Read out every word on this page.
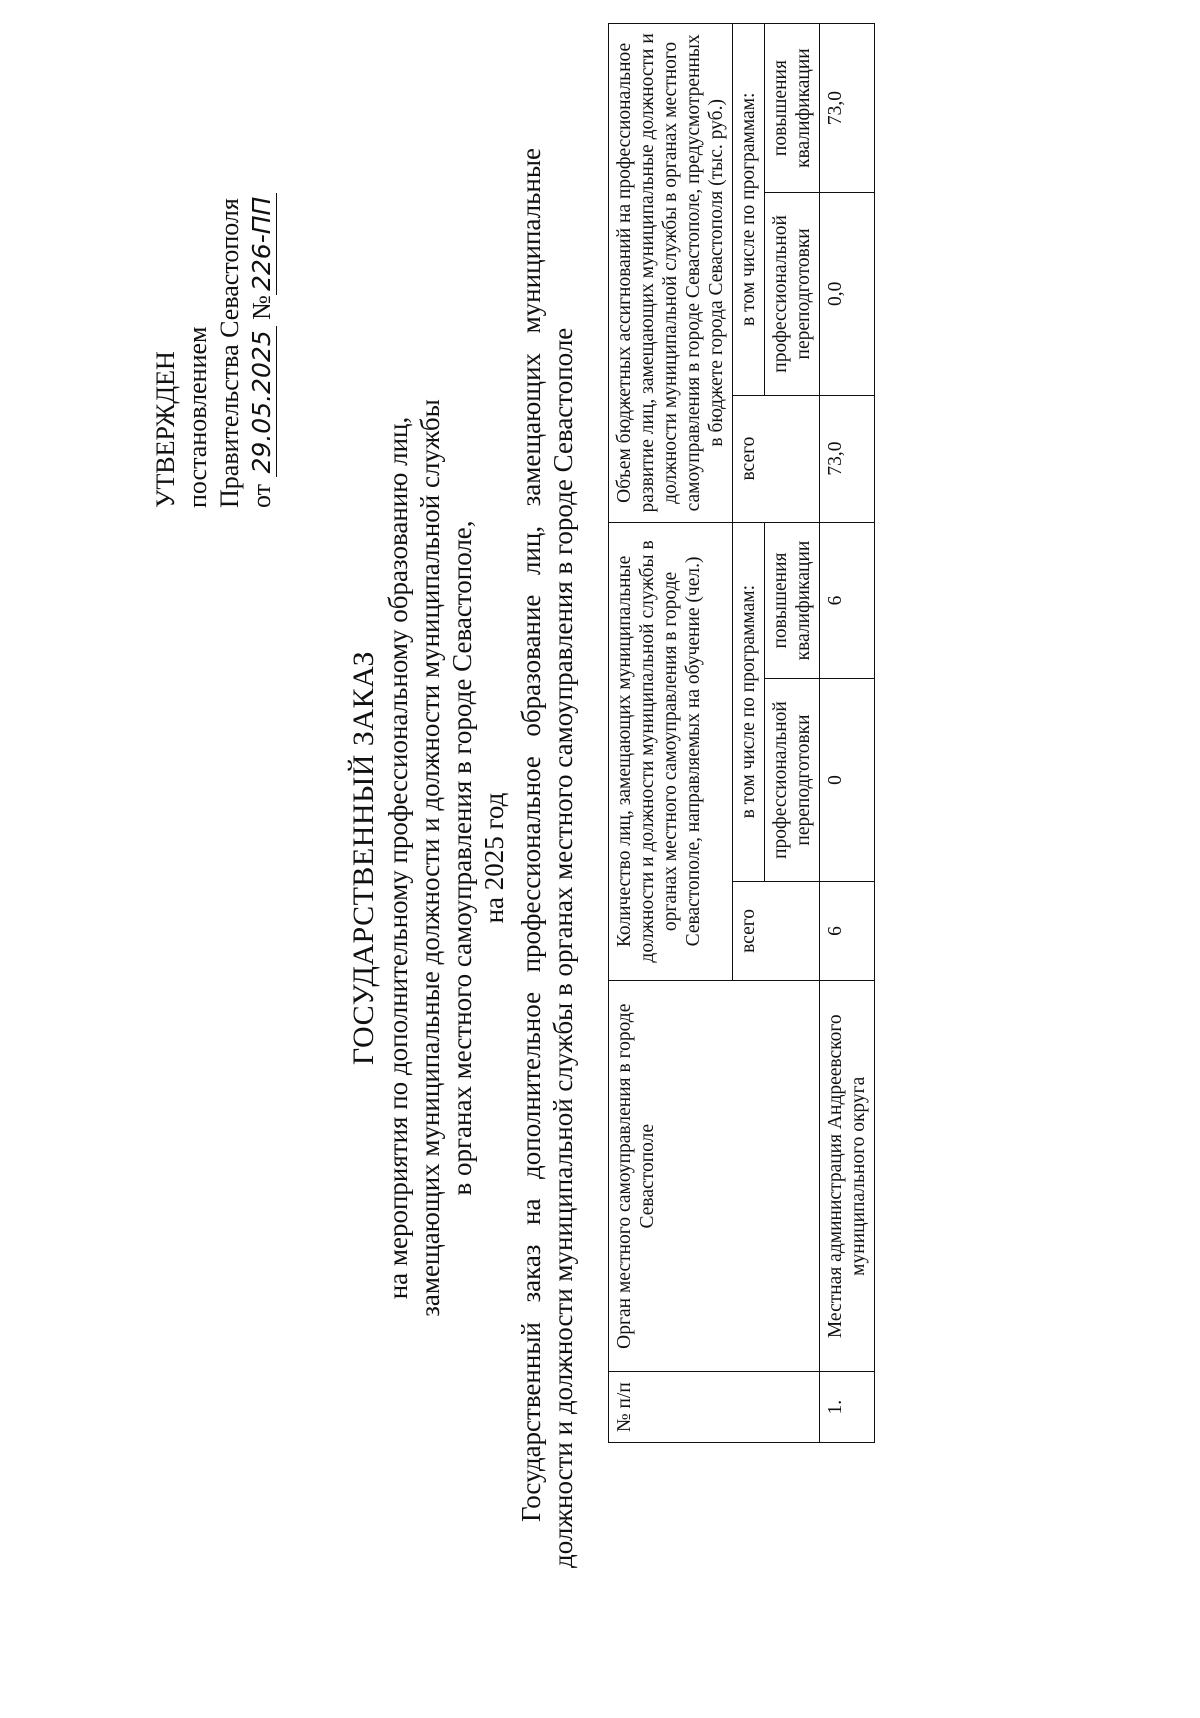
УТВЕРЖДЕН постановлением Правительства Севастополя от 29.05.2025 №226-ПП
ГОСУДАРСТВЕННЫЙ ЗАКАЗ на мероприятия по дополнительному профессиональному образованию лиц, замещающих муниципальные должности и должности муниципальной службы в органах местного самоуправления в городе Севастополе, на 2025 год Государственный заказ на дополнительное профессиональное образование лиц, замещающих муниципальные должности и должности муниципальной службы в органах местного самоуправления в городе Севастополе № п/п	Орган местного самоуправления в городе Севастополе	Количество лиц, замещающих муниципальные должности и должности муниципальной службы в органах местного самоуправления в городе Севастополе, направляемых на обучение (чел.)			Объем бюджетных ассигнований на профессиональное развитие лиц, замещающих муниципальные должности и должности муниципальной службы в органах местного самоуправления в городе Севастополе, предусмотренных в бюджете города Севастополя (тыс. руб.)		
		всего	в том числе по программам:		всего	в том числе по программам:	
			профессиональной переподготовки	повышения квалификации		профессиональной переподготовки	повышения квалификации
1.	Местная администрация Андреевского муниципального округа	6	0	6	73,0	0,0	73,0
